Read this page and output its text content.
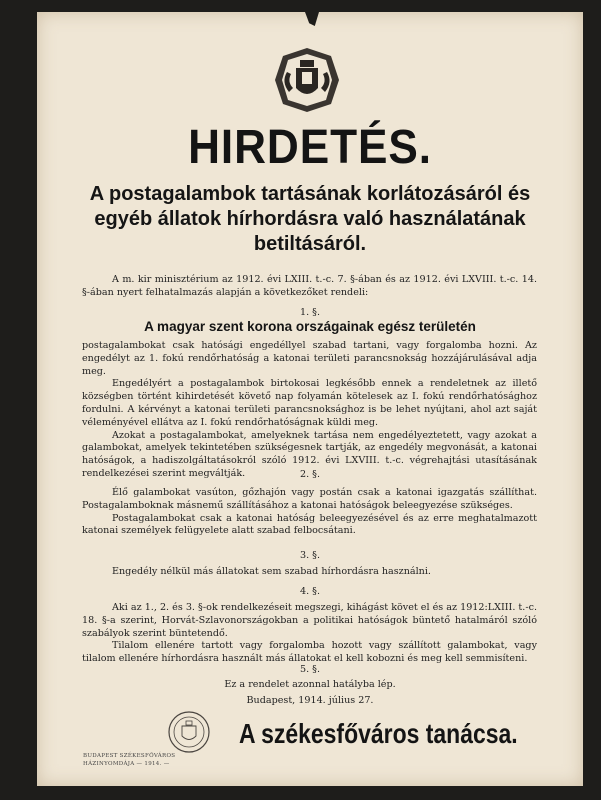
HIRDETÉS.
A postagalambok tartásának korlátozásáról és egyéb állatok hírhordásra való használatának betiltásáról.
A m. kir minisztérium az 1912. évi LXIII. t.-c. 7. §-ában és az 1912. évi LXVIII. t.-c. 14. §-ában nyert felhatalmazás alapján a következőket rendeli:
1. §.
A magyar szent korona országainak egész területén

postagalambokat csak hatósági engedéllyel szabad tartani, vagy forgalomba hozni. Az engedélyt az 1. fokú rendőrhatóság a katonai területi parancsnokság hozzájárulásával adja meg.

Engedélyért a postagalambok birtokosai legkésőbb ennek a rendeletnek az illető községben történt kihirdetését követő nap folyamán kötelesek az I. fokú rendőrhatósághoz fordulni. A kérvényt a katonai területi parancsnoksághoz is be lehet nyújtani, ahol azt saját véleményével ellátva az I. fokú rendőrhatóságnak küldi meg.

Azokat a postagalambokat, amelyeknek tartása nem engedélyeztetett, vagy azokat a galambokat, amelyek tekintetében szükségesnek tartják, az engedély megvonását, a katonai hatóságok, a hadiszolgáltatásokról szóló 1912. évi LXVIII. t.-c. végrehajtási utasításának rendelkezései szerint megváltják.	2. §.

Élő galambokat vasúton, gőzhajón vagy postán csak a katonai igazgatás szállíthat. Postagalamboknak másnemű szállításához a katonai hatóságok beleegyezése szükséges.

Postagalambokat csak a katonai hatóság beleegyezésével és az erre meghatalmazott katonai személyek felügyelete alatt szabad felbocsátani.

3. §.

Engedély nélkül más állatokat sem szabad hírhordásra használni.

4. §.

Aki az 1., 2. és 3. §-ok rendelkezéseit megszegi, kihágást követ el és az 1912:LXIII. t.-c. 18. §-a szerint, Horvát-Szlavonországokban a politikai hatóságok büntető hatalmáról szóló szabályok szerint büntetendő.

Tilalom ellenére tartott vagy forgalomba hozott vagy szállított galambokat, vagy tilalom ellenére hírhordásra használt más állatokat el kell kobozni és meg kell semmisíteni.

5. §.
Ez a rendelet azonnal hatályba lép.
Budapest, 1914. július 27.
A székesfőváros tanácsa.
BUDAPEST SZÉKESFŐVÁROS
HÁZINYOMDÁJA — 1914. —
